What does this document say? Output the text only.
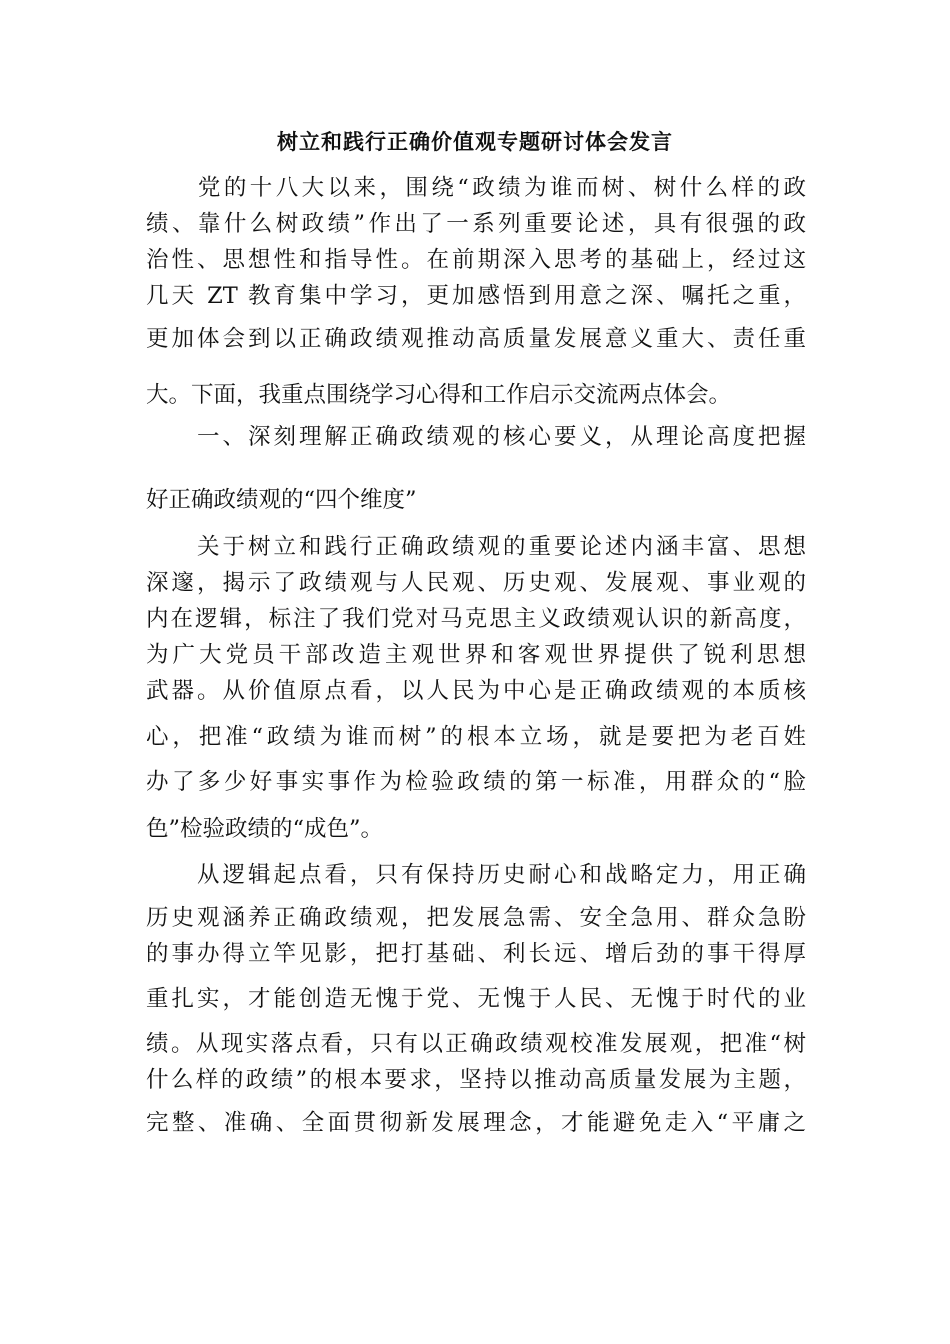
树立和践行正确价值观专题研讨体会发言
　　党的十八大以来，围绕“政绩为谁而树、树什么样的政
绩、靠什么树政绩”作出了一系列重要论述，具有很强的政
治性、思想性和指导性。在前期深入思考的基础上，经过这
几天 ZT 教育集中学习，更加感悟到用意之深、嘱托之重，
更加体会到以正确政绩观推动高质量发展意义重大、责任重
大。下面，我重点围绕学习心得和工作启示交流两点体会。
　　一、深刻理解正确政绩观的核心要义，从理论高度把握
好正确政绩观的“四个维度”
　　关于树立和践行正确政绩观的重要论述内涵丰富、思想
深邃，揭示了政绩观与人民观、历史观、发展观、事业观的
内在逻辑，标注了我们党对马克思主义政绩观认识的新高度，
为广大党员干部改造主观世界和客观世界提供了锐利思想
武器。从价值原点看，以人民为中心是正确政绩观的本质核
心，把准“政绩为谁而树”的根本立场，就是要把为老百姓
办了多少好事实事作为检验政绩的第一标准，用群众的“脸
色”检验政绩的“成色”。
　　从逻辑起点看，只有保持历史耐心和战略定力，用正确
历史观涵养正确政绩观，把发展急需、安全急用、群众急盼
的事办得立竿见影，把打基础、利长远、增后劲的事干得厚
重扎实，才能创造无愧于党、无愧于人民、无愧于时代的业
绩。从现实落点看，只有以正确政绩观校准发展观，把准“树
什么样的政绩”的根本要求，坚持以推动高质量发展为主题，
完整、准确、全面贯彻新发展理念，才能避免走入“平庸之
